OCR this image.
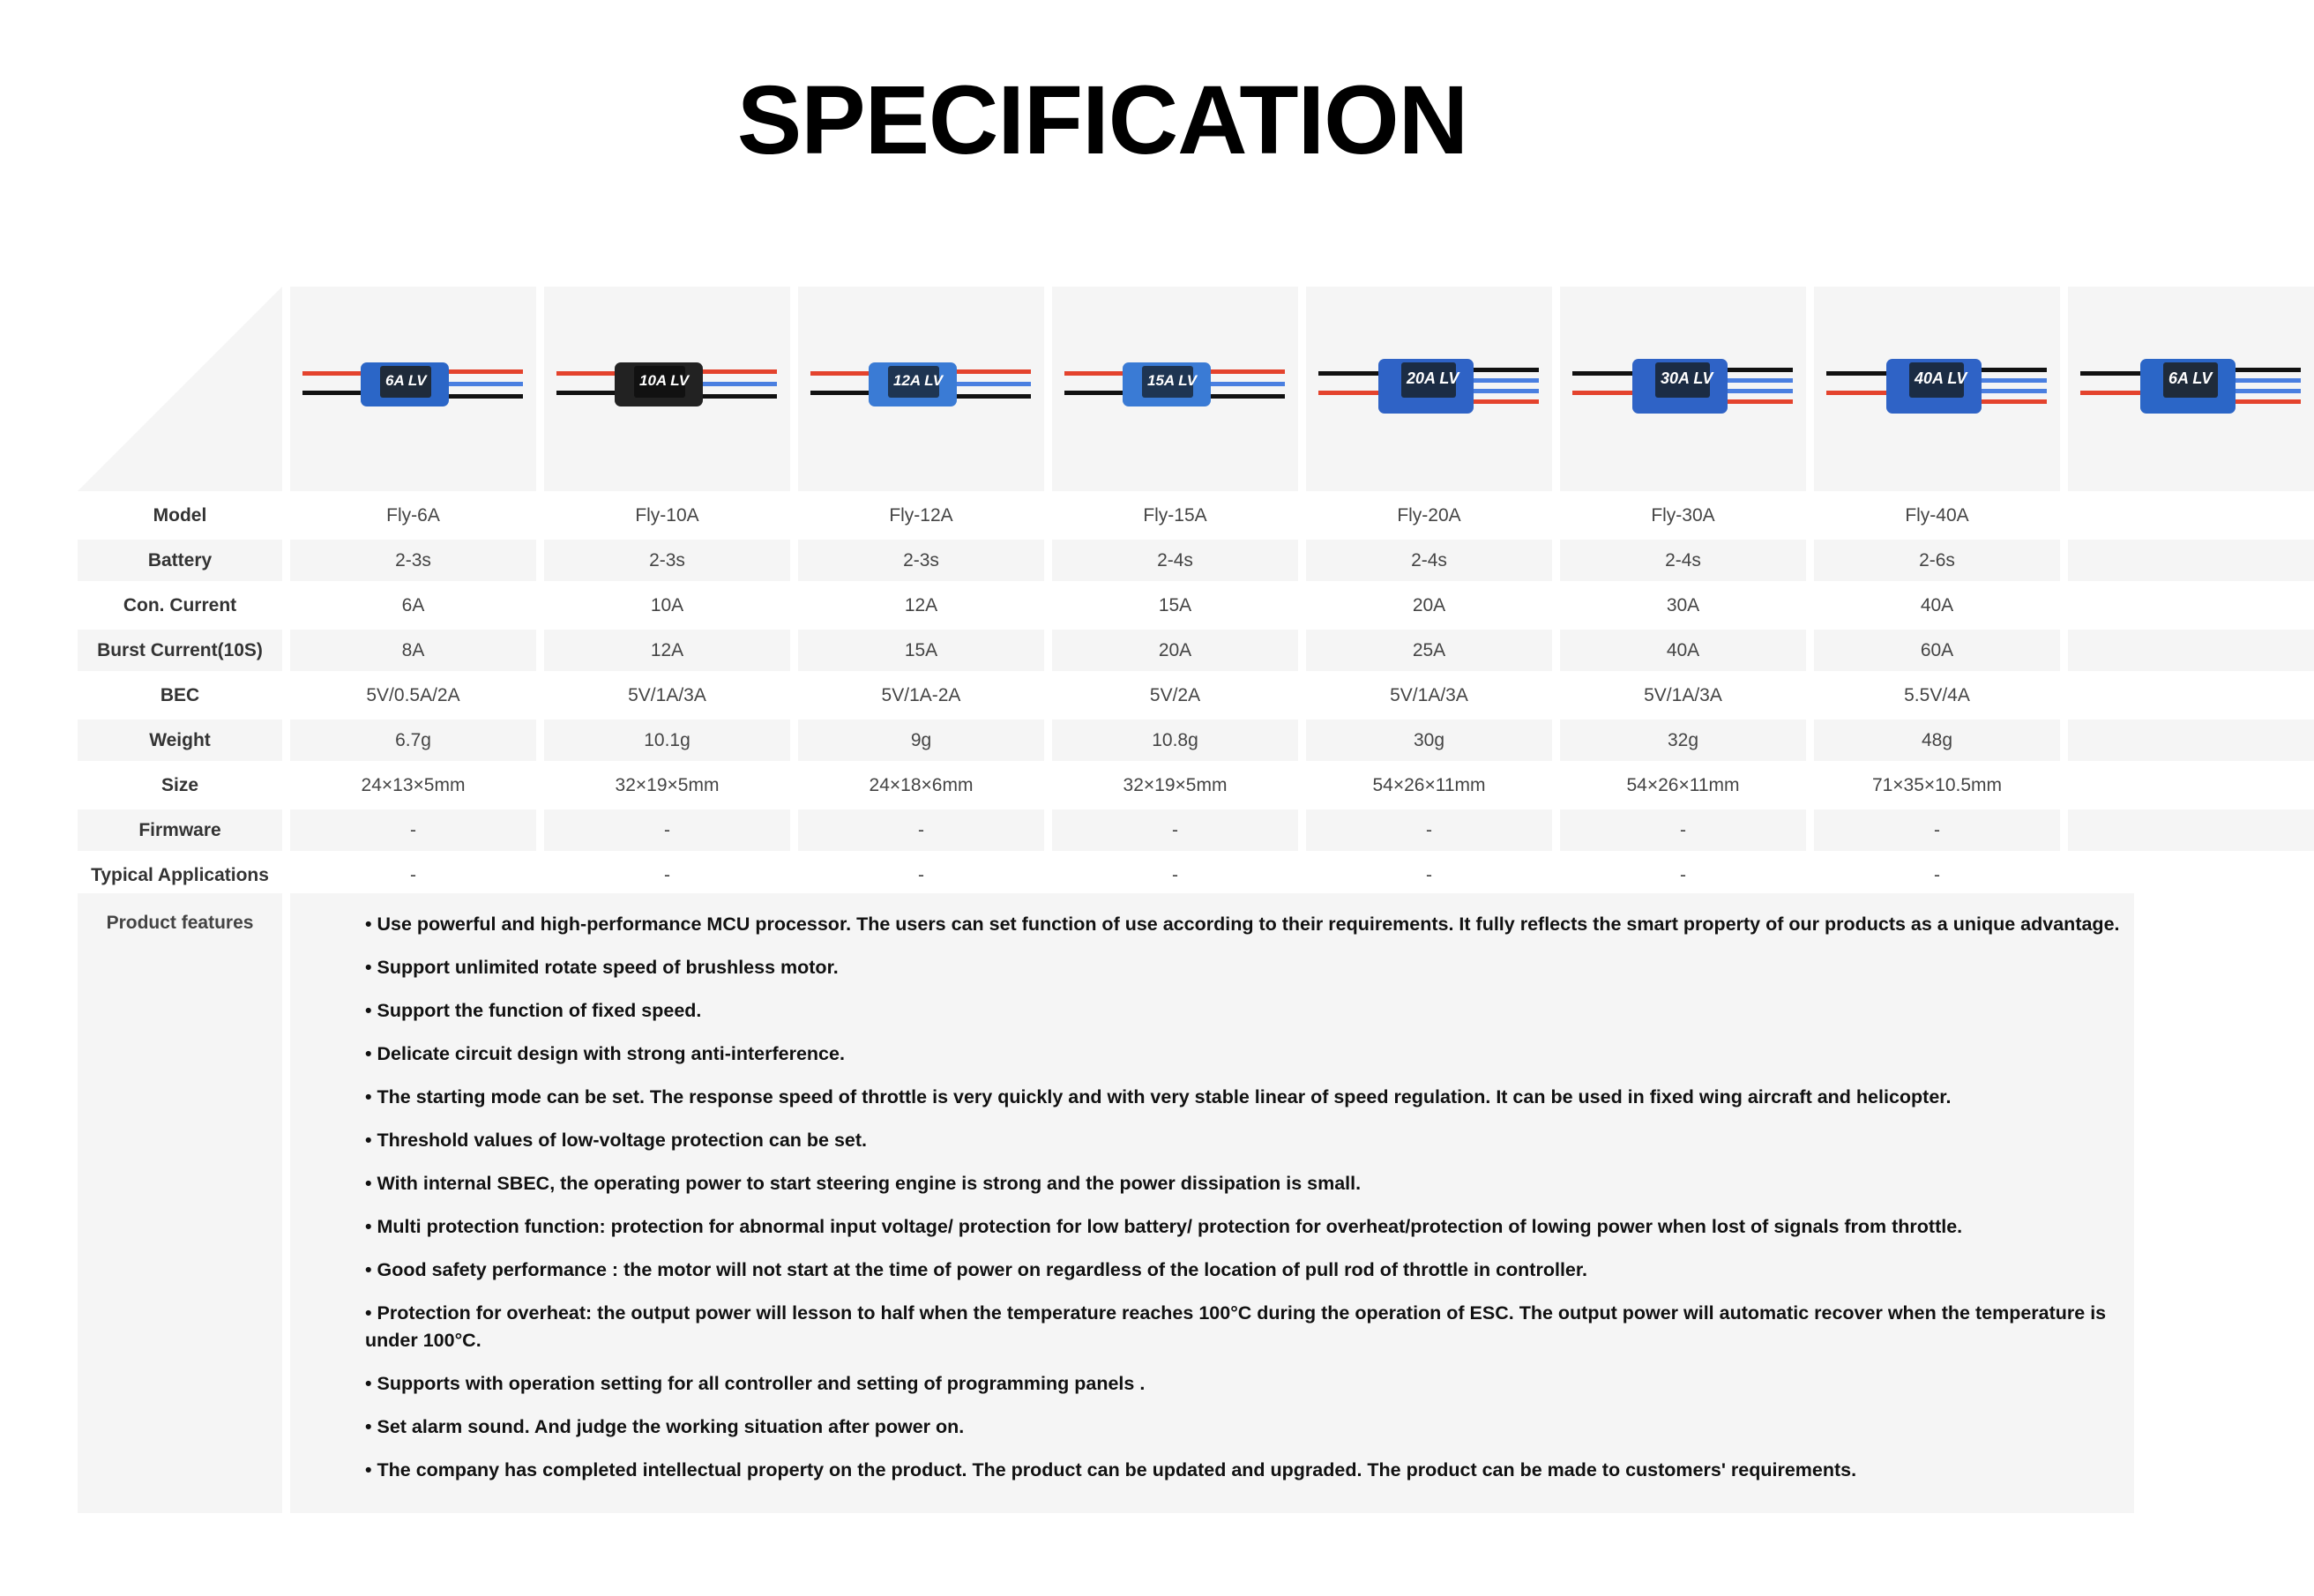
SPECIFICATION
Product features	• Use powerful and high-performance MCU processor. The users can set function of use according to their requirements. It fully reflects the smart property of our products as a unique advantage.
• Support unlimited rotate speed of brushless motor.
• Support the function of fixed speed.
• Delicate circuit design with strong anti-interference.
• The starting mode can be set. The response speed of throttle is very quickly and with very stable linear of speed regulation. It can be used in fixed wing aircraft and helicopter.
• Threshold values of low-voltage protection can be set.
• With internal SBEC, the operating power to start steering engine is strong and the power dissipation is small.
• Multi protection function: protection for abnormal input voltage/ protection for low battery/ protection for overheat/protection of lowing power when lost of signals from throttle.
• Good safety performance : the motor will not start at the time of power on regardless of the location of pull rod of throttle in controller.
• Protection for overheat: the output power will lesson to half when the temperature reaches 100°C during the operation of ESC. The output power will automatic recover when the temperature is under 100°C.
• Supports with operation setting for all controller and setting of programming panels .
• Set alarm sound. And judge the working situation after power on.
• The company has completed intellectual property on the product. The product can be updated and upgraded. The product can be made to customers' requirements.
6A LV	10A LV	12A LV	15A LV	20A LV	30A LV	40A LV	6A LV
Model	Fly-6A	Fly-10A	Fly-12A	Fly-15A	Fly-20A	Fly-30A	Fly-40A
Battery	2-3s	2-3s	2-3s	2-4s	2-4s	2-4s	2-6s
Con. Current	6A	10A	12A	15A	20A	30A	40A
Burst Current(10S)	8A	12A	15A	20A	25A	40A	60A
BEC	5V/0.5A/2A	5V/1A/3A	5V/1A-2A	5V/2A	5V/1A/3A	5V/1A/3A	5.5V/4A
Weight	6.7g	10.1g	9g	10.8g	30g	32g	48g
Size	24×13×5mm	32×19×5mm	24×18×6mm	32×19×5mm	54×26×11mm	54×26×11mm	71×35×10.5mm
Firmware	-	-	-	-	-	-	-
Typical Applications	-	-	-	-	-	-	-
